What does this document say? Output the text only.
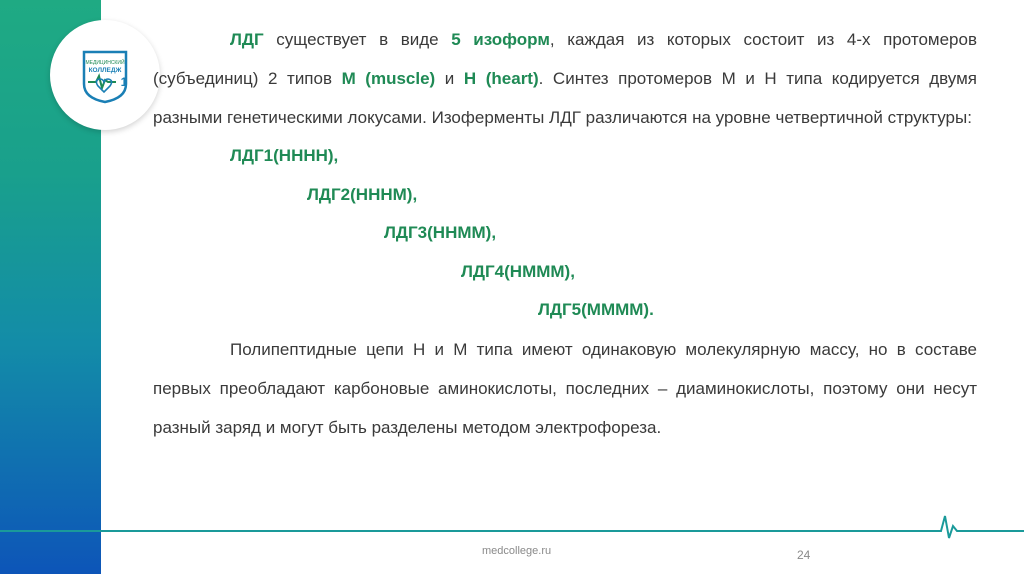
МЕДИЦИНСКИЙ
КОЛЛЕДЖ
1

ЛДГ существует в виде 5 изоформ, каждая из которых состоит из 4-х протомеров (субъединиц) 2 типов М (muscle) и Н (heart). Синтез протомеров М и Н типа кодируется двумя разными генетическими локусами. Изоферменты ЛДГ различаются на уровне четвертичной структуры:

ЛДГ1(НННН),

ЛДГ2(НННМ),

ЛДГ3(ННММ),

ЛДГ4(НМММ),

ЛДГ5(ММММ).

Полипептидные цепи Н и М типа имеют одинаковую молекулярную массу, но в составе первых преобладают карбоновые аминокислоты, последних – диаминокислоты, поэтому они несут разный заряд и могут быть разделены методом электрофореза.

medcollege.ru	24
